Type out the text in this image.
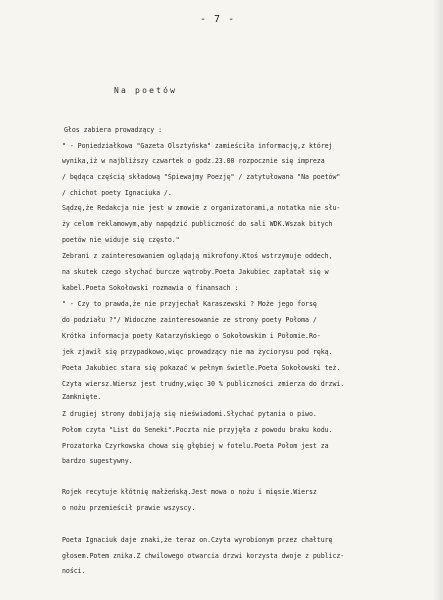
- 7 -
Na poetów
Głos zabiera prowadzący :
" - Poniedziałkowa "Gazeta Olsztyńska" zamieściła informację,z której
wynika,iż w najbliższy czwartek o godz.23.00 rozpocznie się impreza
/ będąca częścią składową "Śpiewajmy Poezję" / zatytułowana "Na poetów"
/ chichot poety Ignaciuka /.
Sądzę,że Redakcja nie jest w zmowie z organizatorami,a notatka nie słu-
ży celom reklamowym,aby napędzić publiczność do sali WDK.Wszak bitych
poetów nie widuje się często."
Zebrani z zainteresowaniem oglądają mikrofony.Ktoś wstrzymuje oddech,
na skutek czego słychać burcze wątroby.Poeta Jakubiec zapłatał się w
kabel.Poeta Sokołowski rozmawia o finansach :
" - Czy to prawda,że nie przyjechał Karaszewski ? Może jego forsę
do podziału ?"/ Widoczne zainteresowanie ze strony poety Połoma /
Krótka informacja poety Katarzyńskiego o Sokołowskim i Połomie.Ro-
jek zjawił się przypadkowo,więc prowadzący nie ma życiorysu pod ręką.
Poeta Jakubiec stara się pokazać w pełnym świetle.Poeta Sokołowski też.
Czyta wiersz.Wiersz jest trudny,więc 30 % publiczności zmierza do drzwi.
Zamknięte.
Z drugiej strony dobijają się nieświadomi.Słychać pytania o piwo.
Połom czyta "List do Seneki".Poczta nie przyjęła z powodu braku kodu.
Prozatorka Czyrkowska chowa się głębiej w fotelu.Poeta Połom jest za
bardzo sugestywny.
Rojek recytuje kłótnię małżeńską.Jest mowa o nożu i mięsie.Wiersz
o nożu przemieścił prawie wszyscy.
Poeta Ignaciuk daje znaki,że teraz on.Czyta wyrobionym przez chałturę
głosem.Potem znika.Z chwilowego otwarcia drzwi korzysta dwoje z publicz-
ności.
